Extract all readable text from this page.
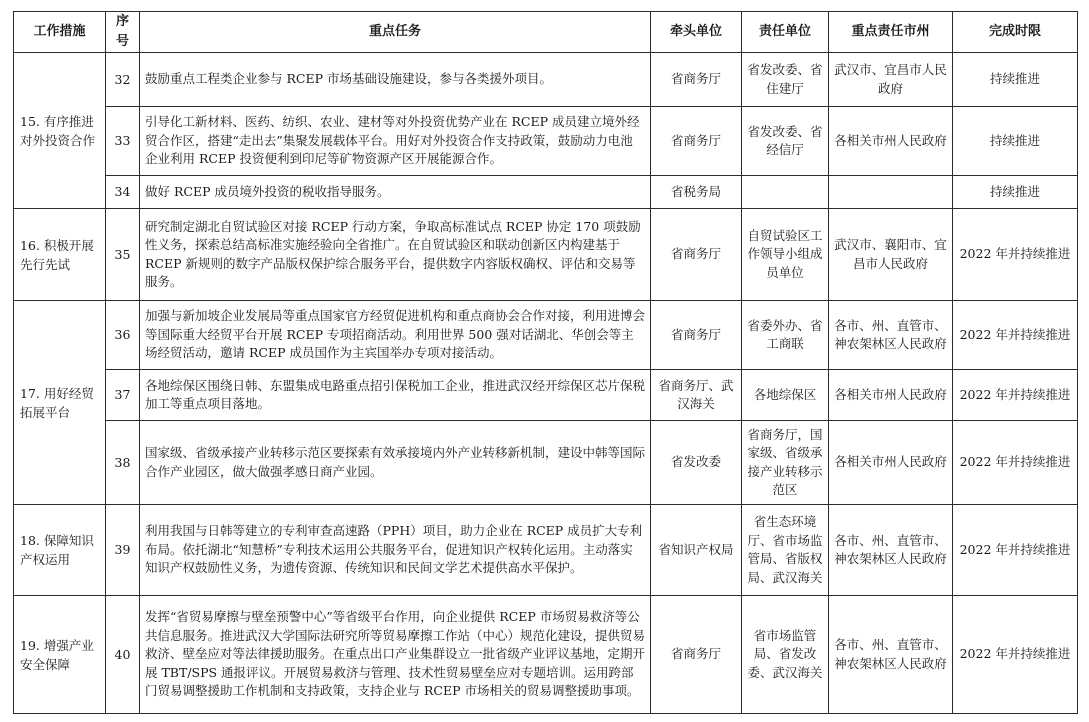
工作措施	序号	重点任务	牵头单位	责任单位	重点责任市州	完成时限
15. 有序推进对外投资合作	32	鼓励重点工程类企业参与 RCEP 市场基础设施建设，参与各类援外项目。	省商务厅	省发改委、省住建厅	武汉市、宜昌市人民政府	持续推进
	33	引导化工新材料、医药、纺织、农业、建材等对外投资优势产业在 RCEP 成员建立境外经贸合作区，搭建“走出去”集聚发展载体平台。用好对外投资合作支持政策，鼓励动力电池企业利用 RCEP 投资便利到印尼等矿物资源产区开展能源合作。	省商务厅	省发改委、省经信厅	各相关市州人民政府	持续推进
	34	做好 RCEP 成员境外投资的税收指导服务。	省税务局			持续推进
16. 积极开展先行先试	35	研究制定湖北自贸试验区对接 RCEP 行动方案，争取高标准试点 RCEP 协定 170 项鼓励性义务，探索总结高标准实施经验向全省推广。在自贸试验区和联动创新区内构建基于 RCEP 新规则的数字产品版权保护综合服务平台，提供数字内容版权确权、评估和交易等服务。	省商务厅	自贸试验区工作领导小组成员单位	武汉市、襄阳市、宜昌市人民政府	2022 年并持续推进
17. 用好经贸拓展平台	36	加强与新加坡企业发展局等重点国家官方经贸促进机构和重点商协会合作对接，利用进博会等国际重大经贸平台开展 RCEP 专项招商活动。利用世界 500 强对话湖北、华创会等主场经贸活动，邀请 RCEP 成员国作为主宾国举办专项对接活动。	省商务厅	省委外办、省工商联	各市、州、直管市、神农架林区人民政府	2022 年并持续推进
	37	各地综保区围绕日韩、东盟集成电路重点招引保税加工企业，推进武汉经开综保区芯片保税加工等重点项目落地。	省商务厅、武汉海关	各地综保区	各相关市州人民政府	2022 年并持续推进
	38	国家级、省级承接产业转移示范区要探索有效承接境内外产业转移新机制，建设中韩等国际合作产业园区，做大做强孝感日商产业园。	省发改委	省商务厅，国家级、省级承接产业转移示范区	各相关市州人民政府	2022 年并持续推进
18. 保障知识产权运用	39	利用我国与日韩等建立的专利审查高速路（PPH）项目，助力企业在 RCEP 成员扩大专利布局。依托湖北“知慧桥”专利技术运用公共服务平台，促进知识产权转化运用。主动落实知识产权鼓励性义务，为遗传资源、传统知识和民间文学艺术提供高水平保护。	省知识产权局	省生态环境厅、省市场监管局、省版权局、武汉海关	各市、州、直管市、神农架林区人民政府	2022 年并持续推进
19. 增强产业安全保障	40	发挥“省贸易摩擦与壁垒预警中心”等省级平台作用，向企业提供 RCEP 市场贸易救济等公共信息服务。推进武汉大学国际法研究所等贸易摩擦工作站（中心）规范化建设，提供贸易救济、壁垒应对等法律援助服务。在重点出口产业集群设立一批省级产业评议基地，定期开展 TBT/SPS 通报评议。开展贸易救济与管理、技术性贸易壁垒应对专题培训。运用跨部门贸易调整援助工作机制和支持政策，支持企业与 RCEP 市场相关的贸易调整援助事项。	省商务厅	省市场监管局、省发改委、武汉海关	各市、州、直管市、神农架林区人民政府	2022 年并持续推进
